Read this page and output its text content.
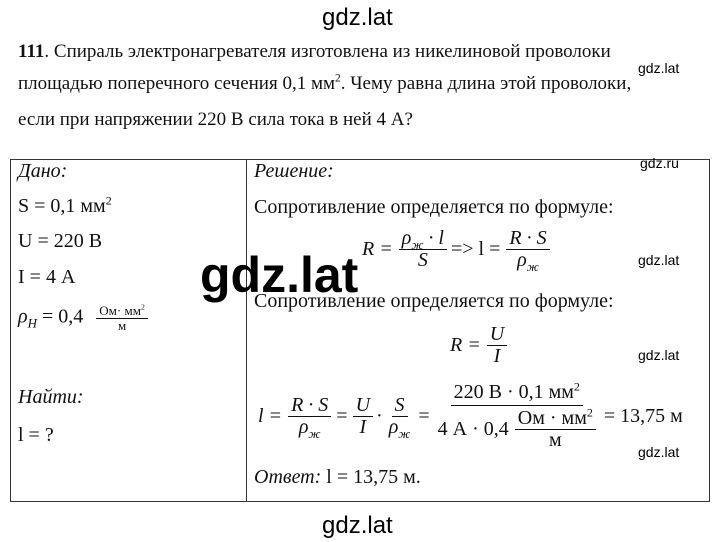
gdz.lat
gdz.lat
111. Спираль электронагревателя изготовлена из никелиновой проволоки
площадью поперечного сечения 0,1 $мм^2$. Чему равна длина этой проволоки,
если при напряжении 220 В сила тока в ней 4 А?
gdz.lat
Дано:
S = 0,1 $мм^2$
U = 220 В
I = 4 А
$\rho_Н = 0,4 \frac{Ом\cdot мм^2}{м}$
Найти:
l = ?
Решение:	gdz.ru
Сопротивление определяется по формуле:
$R = \frac{\rho_ж \cdot l}{S} => l = \frac{R \cdot S}{\rho_ж}$	gdz.lat
gdz.lat
Сопротивление определяется по формуле:
$R = \frac{U}{I}$	gdz.lat
$l = \frac{R \cdot S}{\rho_ж} = \frac{U}{I} \cdot \frac{S}{\rho_ж} = \frac{220 В \cdot 0,1 мм^2}{4 А \cdot 0,4 \frac{Ом \cdot мм^2}{м}} = 13,75$ м
gdz.lat
Ответ: l = 13,75 м.
